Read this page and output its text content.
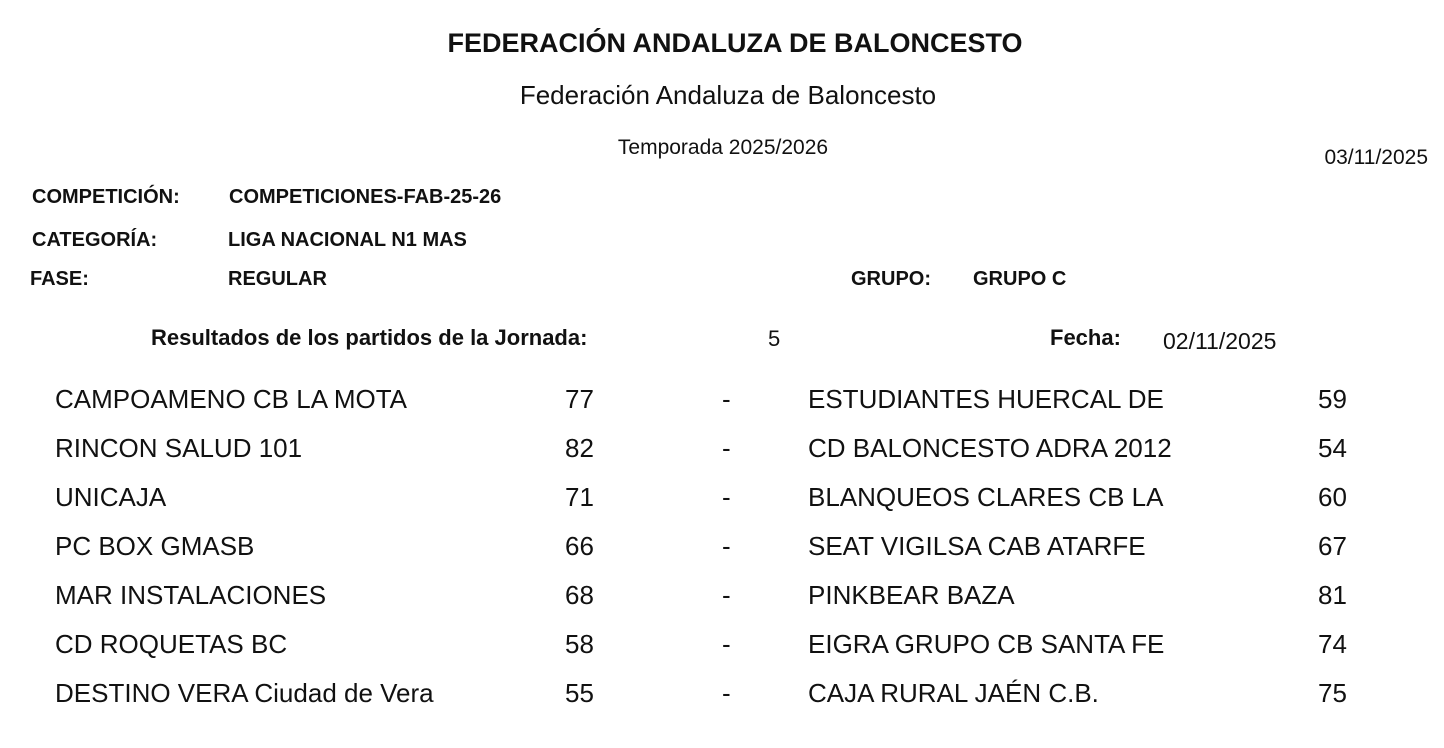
FEDERACIÓN ANDALUZA DE BALONCESTO
Federación Andaluza de Baloncesto
Temporada 2025/2026	03/11/2025
COMPETICIÓN: COMPETICIONES-FAB-25-26
CATEGORÍA:	LIGA NACIONAL N1 MAS
FASE:	REGULAR	GRUPO: GRUPO C
Resultados de los partidos de la Jornada:	5	Fecha: 02/11/2025
CAMPOAMENO CB LA MOTA	77	-	ESTUDIANTES HUERCAL DE	59
RINCON SALUD 101	82	-	CD BALONCESTO ADRA 2012	54
UNICAJA	71	-	BLANQUEOS CLARES CB LA	60
PC BOX GMASB	66	-	SEAT VIGILSA CAB ATARFE	67
MAR INSTALACIONES	68	-	PINKBEAR BAZA	81
CD ROQUETAS BC	58	-	EIGRA GRUPO CB SANTA FE	74
DESTINO VERA Ciudad de Vera	55	-	CAJA RURAL JAÉN C.B.	75
